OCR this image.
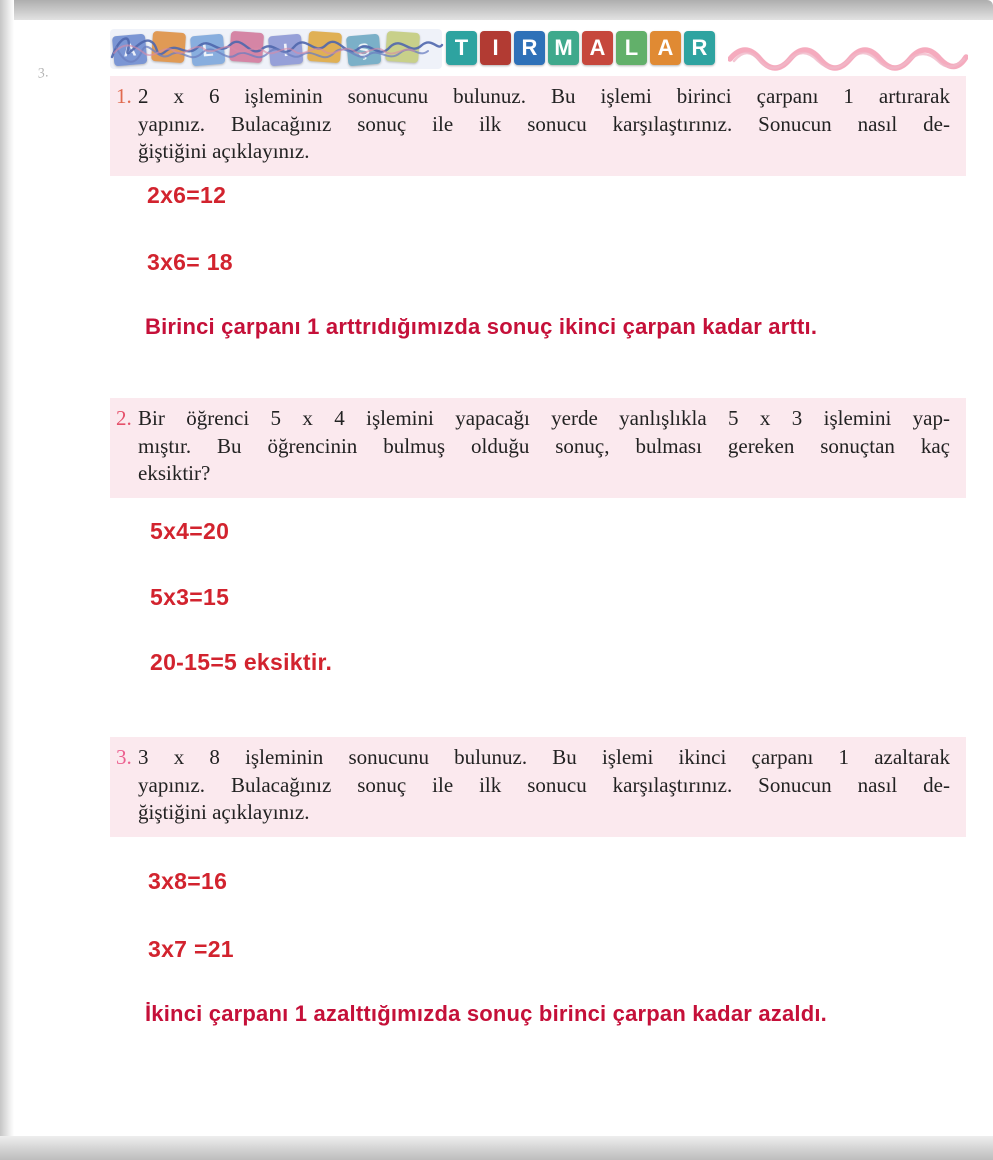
3.
A	L	I	Ş	T I R M A L A R
1. 2 x 6 işleminin sonucunu bulunuz. Bu işlemi birinci çarpanı 1 artırarak
yapınız. Bulacağınız sonuç ile ilk sonucu karşılaştırınız. Sonucun nasıl de-
ğiştiğini açıklayınız.
2x6=12
3x6= 18
Birinci çarpanı 1 arttrıdığımızda sonuç ikinci çarpan kadar arttı.
2. Bir öğrenci 5 x 4 işlemini yapacağı yerde yanlışlıkla 5 x 3 işlemini yap-
mıştır. Bu öğrencinin bulmuş olduğu sonuç, bulması gereken sonuçtan kaç
eksiktir?
5x4=20
5x3=15
20-15=5 eksiktir.
3. 3 x 8 işleminin sonucunu bulunuz. Bu işlemi ikinci çarpanı 1 azaltarak
yapınız. Bulacağınız sonuç ile ilk sonucu karşılaştırınız. Sonucun nasıl de-
ğiştiğini açıklayınız.
3x8=16
3x7 =21
İkinci çarpanı 1 azalttığımızda sonuç birinci çarpan kadar azaldı.
